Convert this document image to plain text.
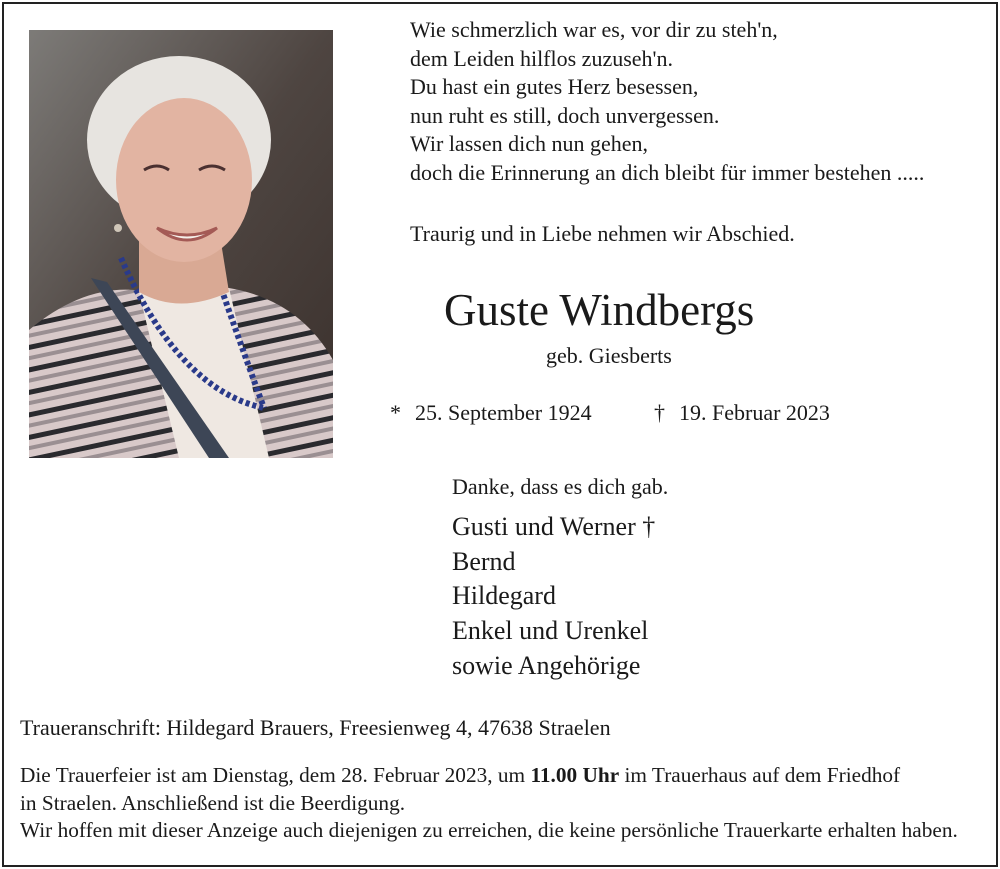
Wie schmerzlich war es, vor dir zu steh'n,
dem Leiden hilflos zuzuseh'n.
Du hast ein gutes Herz besessen,
nun ruht es still, doch unvergessen.
Wir lassen dich nun gehen,
doch die Erinnerung an dich bleibt für immer bestehen .....
Traurig und in Liebe nehmen wir Abschied.
Guste Windbergs
geb. Giesberts
* 25. September 1924	† 19. Februar 2023
Danke, dass es dich gab.
Gusti und Werner †
Bernd
Hildegard
Enkel und Urenkel
sowie Angehörige
Traueranschrift: Hildegard Brauers, Freesienweg 4, 47638 Straelen
Die Trauerfeier ist am Dienstag, dem 28. Februar 2023, um 11.00 Uhr im Trauerhaus auf dem Friedhof
in Straelen. Anschließend ist die Beerdigung.
Wir hoffen mit dieser Anzeige auch diejenigen zu erreichen, die keine persönliche Trauerkarte erhalten haben.
